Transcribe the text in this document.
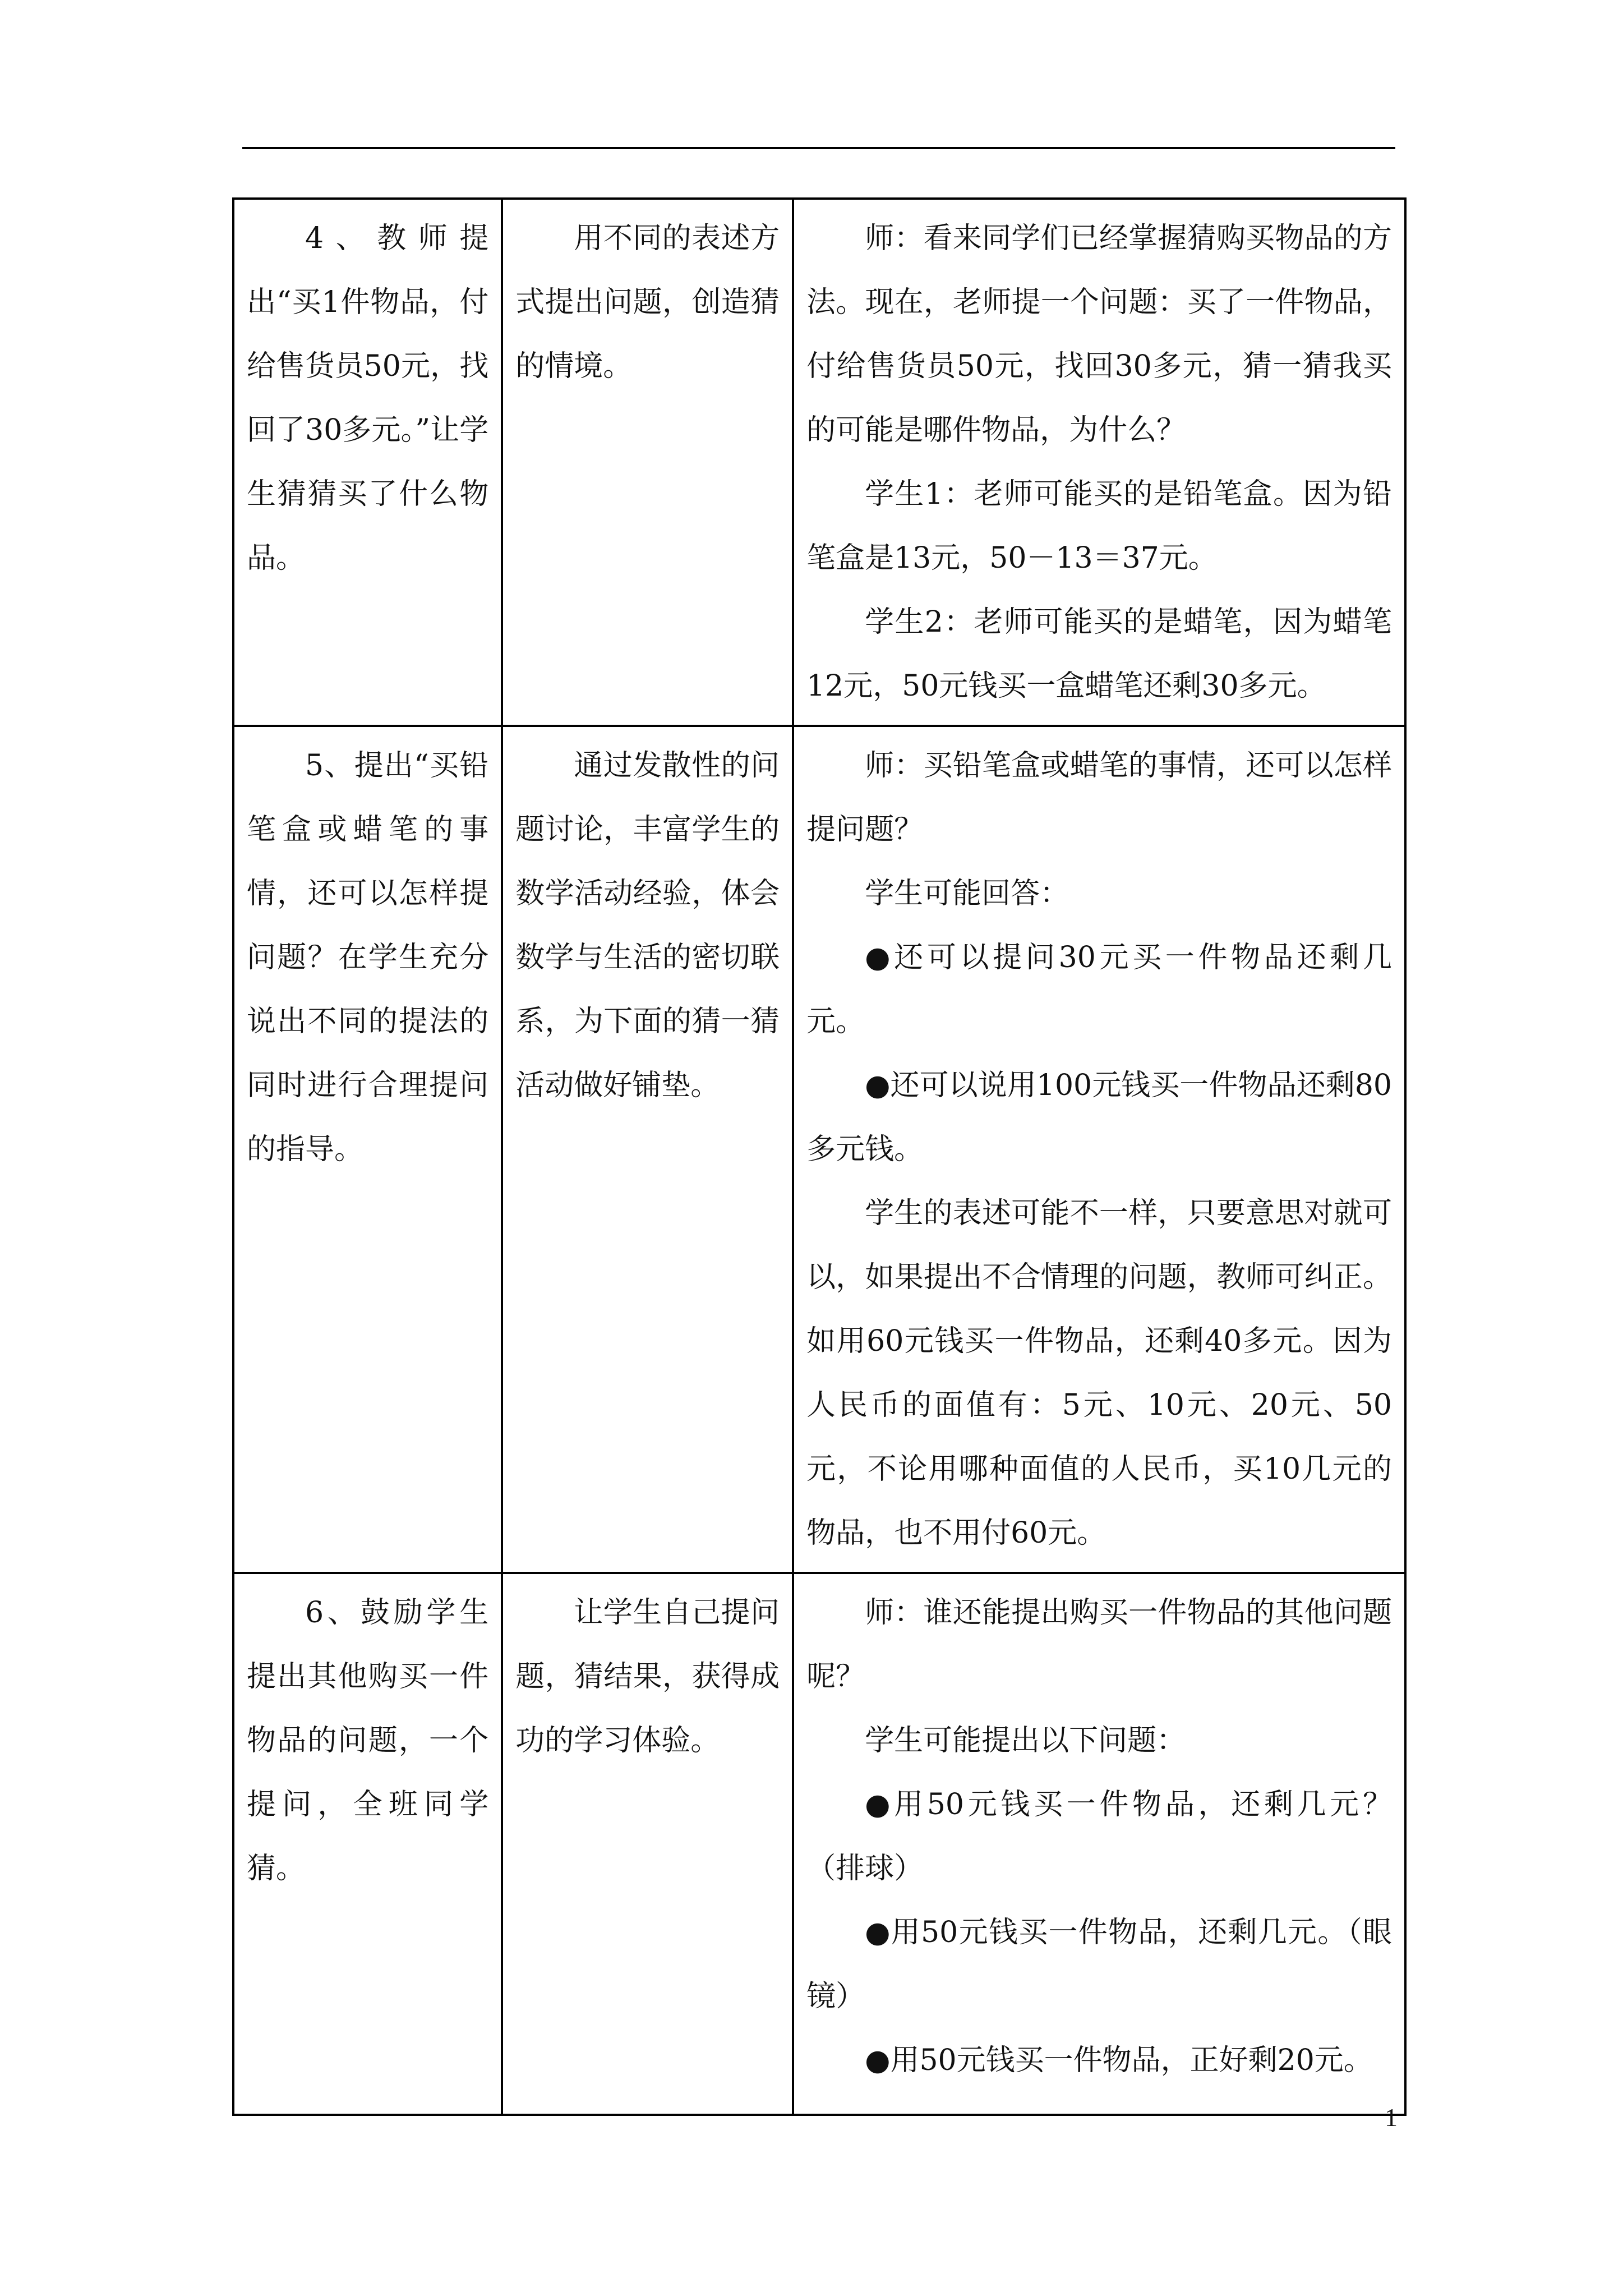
4、教师提出“买1件物品，付给售货员50元，找回了30多元。”让学生猜猜买了什么物品。	用不同的表述方式提出问题，创造猜的情境。	师：看来同学们已经掌握猜购买物品的方法。现在，老师提一个问题：买了一件物品，付给售货员50元，找回30多元，猜一猜我买的可能是哪件物品，为什么？

学生1：老师可能买的是铅笔盒。因为铅笔盒是13元，50－13＝37元。

学生2：老师可能买的是蜡笔，因为蜡笔12元，50元钱买一盒蜡笔还剩30多元。

5、提出“买铅笔盒或蜡笔的事情，还可以怎样提问题？在学生充分说出不同的提法的同时进行合理提问的指导。	通过发散性的问题讨论，丰富学生的数学活动经验，体会数学与生活的密切联系，为下面的猜一猜活动做好铺垫。	师：买铅笔盒或蜡笔的事情，还可以怎样提问题？

学生可能回答：

●还可以提问30元买一件物品还剩几元。

●还可以说用100元钱买一件物品还剩80多元钱。

学生的表述可能不一样，只要意思对就可以，如果提出不合情理的问题，教师可纠正。如用60元钱买一件物品，还剩40多元。因为人民币的面值有：5元、10元、20元、50元，不论用哪种面值的人民币，买10几元的物品，也不用付60元。

6、鼓励学生提出其他购买一件物品的问题，一个提问，全班同学猜。	让学生自己提问题，猜结果，获得成功的学习体验。	师：谁还能提出购买一件物品的其他问题呢？

学生可能提出以下问题：

●用50元钱买一件物品，还剩几元？（排球）

●用50元钱买一件物品，还剩几元。（眼镜）

●用50元钱买一件物品，正好剩20元。

1
